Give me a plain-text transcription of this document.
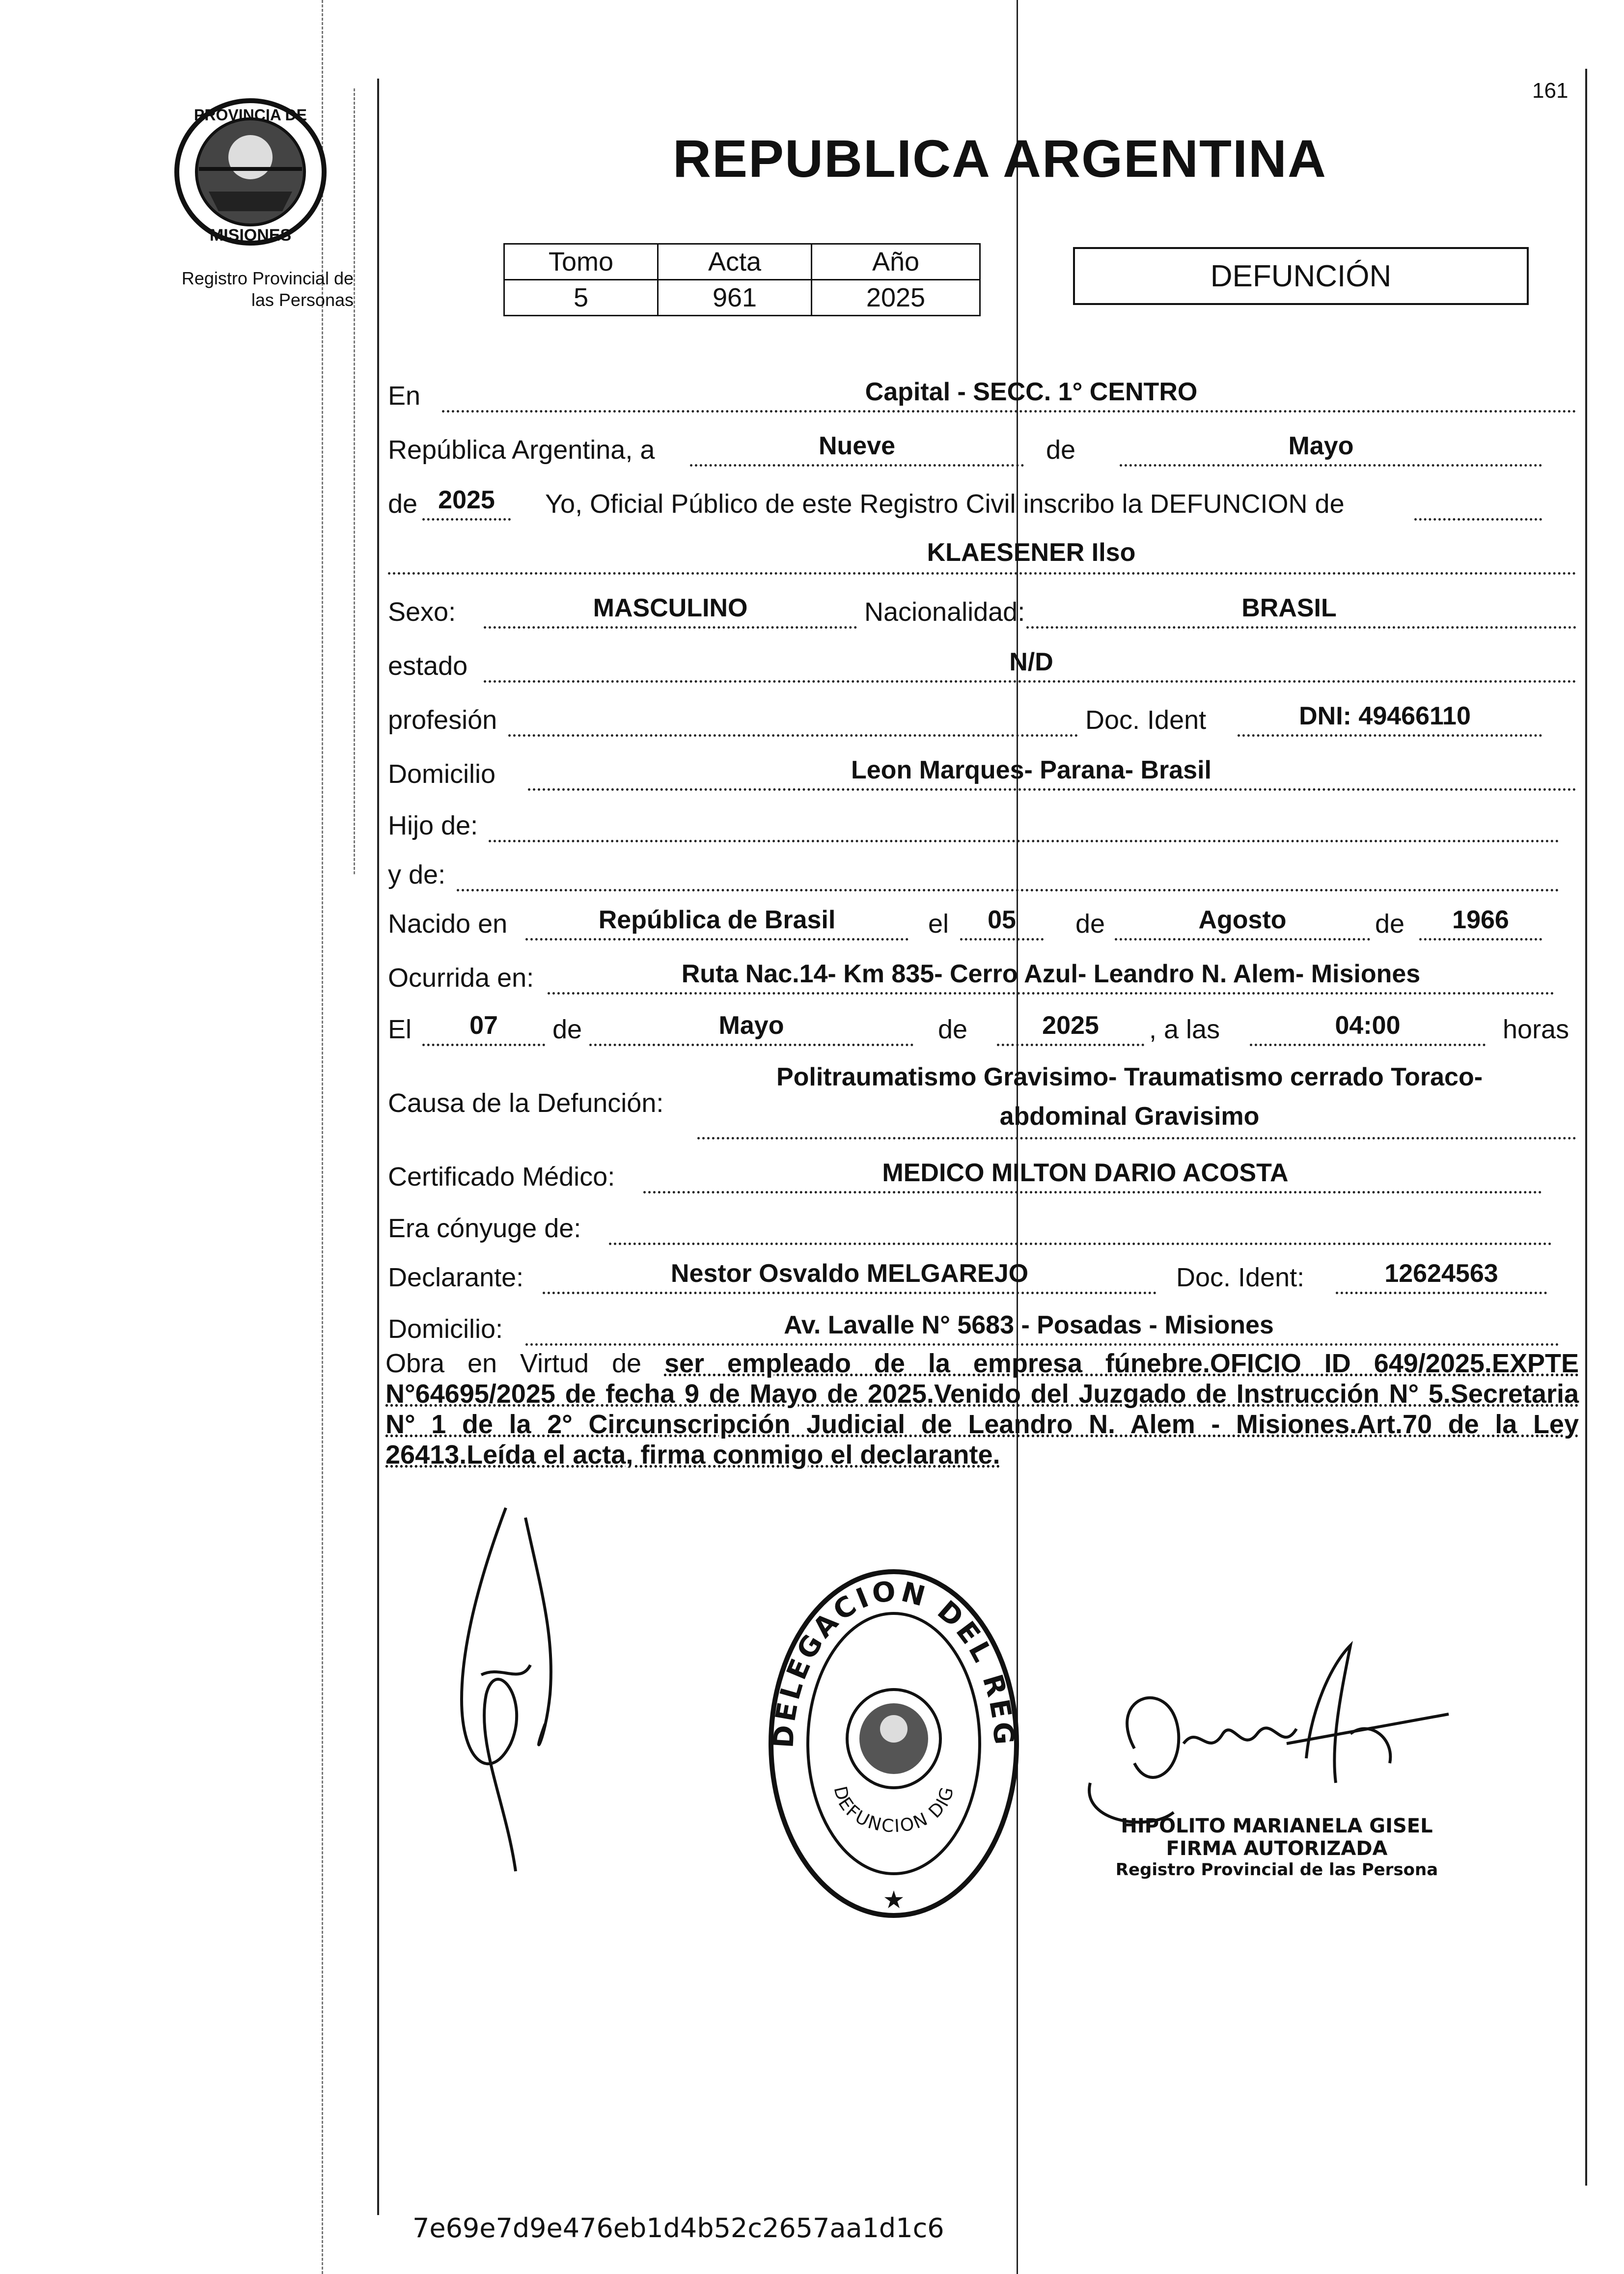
PROVINCIA DE
MISIONES
Registro Provincial de
las Personas
161
REPUBLICA ARGENTINA
Tomo	Acta	Año
5	961	2025
DEFUNCIÓN
En	Capital - SECC. 1° CENTRO
República Argentina, a	Nueve	de	Mayo
de 2025	Yo, Oficial Público de este Registro Civil inscribo la DEFUNCION de
KLAESENER Ilso
Sexo:	MASCULINO	Nacionalidad:	BRASIL
estado	N/D
profesión	Doc. Ident	DNI: 49466110
Domicilio	Leon Marques- Parana- Brasil
Hijo de:
y de:
Nacido en	República de Brasil	el	05	de	Agosto	de	1966
Ocurrida en:	Ruta Nac.14- Km 835- Cerro Azul- Leandro N. Alem- Misiones
El	07	de	Mayo	de	2025	, a las	04:00	horas
Causa de la Defunción:
Politraumatismo Gravisimo- Traumatismo cerrado Toraco-
abdominal Gravisimo
Certificado Médico:	MEDICO MILTON DARIO ACOSTA
Era cónyuge de:
Declarante:	Nestor Osvaldo MELGAREJO	Doc. Ident:	12624563
Domicilio:	Av. Lavalle N° 5683 - Posadas - Misiones
Obra en Virtud de ser empleado de la empresa fúnebre.OFICIO ID 649/2025.EXPTE N°64695/2025 de fecha 9 de Mayo de 2025.Venido del Juzgado de Instrucción N° 5.Secretaria N° 1 de la 2° Circunscripción Judicial de Leandro N. Alem - Misiones.Art.70 de la Ley 26413.Leída el acta, firma conmigo el declarante.
DELEGACION DEL REG
DEFUNCION DIG
★
HIPOLITO MARIANELA GISEL
FIRMA AUTORIZADA
Registro Provincial de las Persona
7e69e7d9e476eb1d4b52c2657aa1d1c6
